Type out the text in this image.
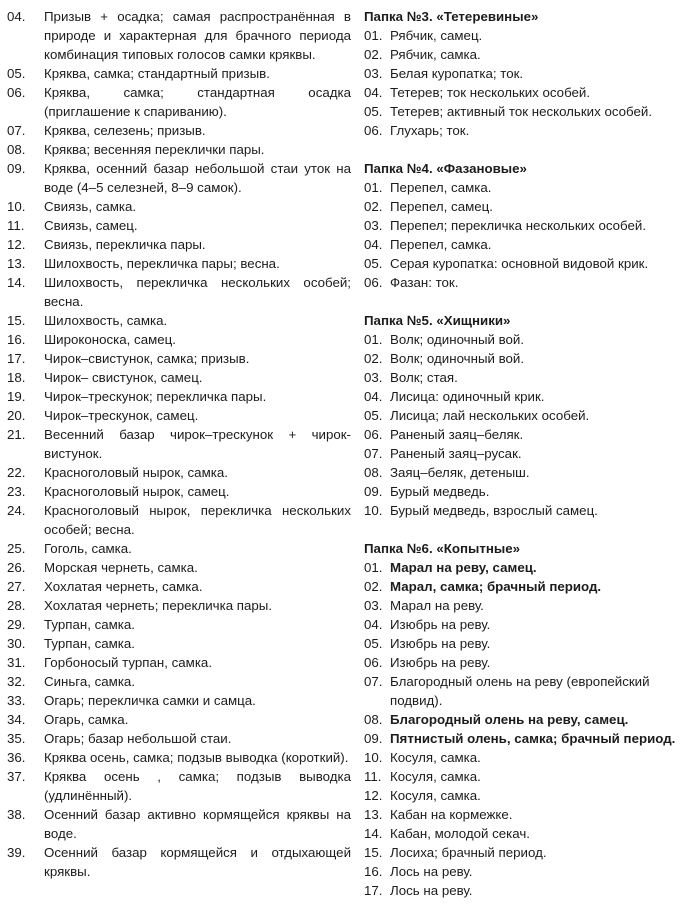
04.	Призыв + осадка; самая распространённая в природе и характерная для брачного периода комбинация типовых голосов самки кряквы.
05.	Кряква, самка; стандартный призыв.
06.	Кряква, самка; стандартная осадка (приглашение к спариванию).
07.	Кряква, селезень; призыв.
08.	Кряква; весенняя переклички пары.
09.	Кряква, осенний базар небольшой стаи уток на воде (4–5 селезней, 8–9 самок).
10.	Свиязь, самка.
11.	Свиязь, самец.
12.	Свиязь, перекличка пары.
13.	Шилохвость, перекличка пары; весна.
14.	Шилохвость, перекличка нескольких особей; весна.
15.	Шилохвость, самка.
16.	Широконоска, самец.
17.	Чирок–свистунок, самка; призыв.
18.	Чирок– свистунок, самец.
19.	Чирок–трескунок; перекличка пары.
20.	Чирок–трескунок, самец.
21.	Весенний базар чирок–трескунок + чирок-вистунок.
22.	Красноголовый нырок, самка.
23.	Красноголовый нырок, самец.
24.	Красноголовый нырок, перекличка нескольких особей; весна.
25.	Гоголь, самка.
26.	Морская чернеть, самка.
27.	Хохлатая чернеть, самка.
28.	Хохлатая чернеть; перекличка пары.
29.	Турпан, самка.
30.	Турпан, самка.
31.	Горбоносый турпан, самка.
32.	Синьга, самка.
33.	Огарь; перекличка самки и самца.
34.	Огарь, самка.
35.	Огарь; базар небольшой стаи.
36.	Кряква осень, самка; подзыв выводка (короткий).
37.	Кряква осень , самка; подзыв выводка (удлинённый).
38.	Осенний базар активно кормящейся кряквы на воде.
39.	Осенний базар кормящейся и отдыхающей кряквы.
Папка №3. «Тетеревиные»
01. Рябчик, самец.
02. Рябчик, самка.
03. Белая куропатка; ток.
04. Тетерев; ток нескольких особей.
05. Тетерев; активный ток нескольких особей.
06. Глухарь; ток.
Папка №4. «Фазановые»
01. Перепел, самка.
02. Перепел, самец.
03. Перепел; перекличка нескольких особей.
04. Перепел, самка.
05. Серая куропатка: основной видовой крик.
06. Фазан: ток.
Папка №5. «Хищники»
01. Волк; одиночный вой.
02. Волк; одиночный вой.
03. Волк; стая.
04. Лисица: одиночный крик.
05. Лисица; лай нескольких особей.
06. Раненый заяц–беляк.
07. Раненый заяц–русак.
08. Заяц–беляк, детеныш.
09. Бурый медведь.
10. Бурый медведь, взрослый самец.
Папка №6. «Копытные»
01. Марал на реву, самец.
02. Марал, самка; брачный период.
03. Марал на реву.
04. Изюбрь на реву.
05. Изюбрь на реву.
06. Изюбрь на реву.
07. Благородный олень на реву (европейский подвид).
08. Благородный олень на реву, самец.
09. Пятнистый олень, самка; брачный период.
10. Косуля, самка.
11. Косуля, самка.
12. Косуля, самка.
13. Кабан на кормежке.
14. Кабан, молодой секач.
15. Лосиха; брачный период.
16. Лось на реву.
17. Лось на реву.
